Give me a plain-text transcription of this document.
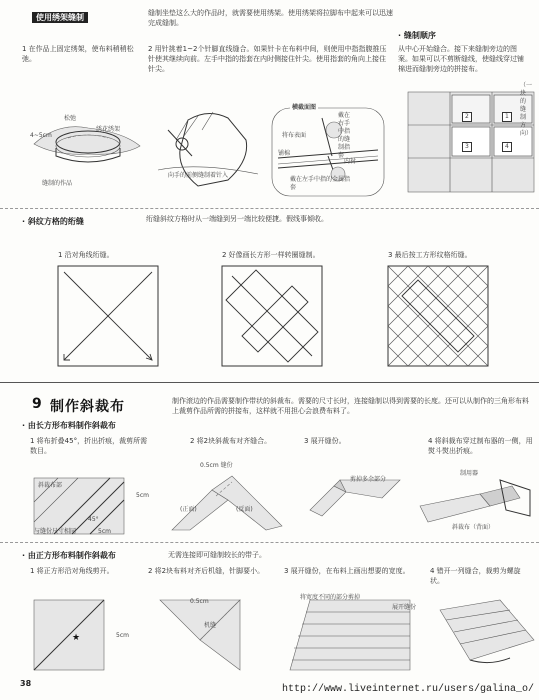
使用绣架缝制	缝制坐垫这么大的作品时，就需要使用绣架。使用绣架将拉脚布中起来可以迅速完成缝制。
1 在作品上固定绣架，使布料稍稍松弛。
2 用针挑着1~2个针脚直线缝合。如果针卡在布料中间，则使用中指指腹推压针使其继续向前。左手中指的指套在内时侧接住针尖。使用指套的角向上接住针尖。
松弛
绣花绣架
4~5cm
缝制的作品
向手的前侧缝制着针入
横截面图
戴在右手中指的缝制指套
将布表面
铺棉
内衬
戴在左手中指的金属指套
· 缝制顺序
从中心开始缝合。接下来缝制旁边的图案。如果可以不剪断缝线，使缝线穿过铺棉进而缝制旁边的拼接布。
2	1
3	4
（一块的缝制方向）
· 斜纹方格的绗缝	绗缝斜纹方格时从一端缝到另一端比较便捷。假线事倾收。
1 沿对角线绗缝。	2 好像画长方形一样转圈缝制。	3 最后按工方形纹格绗缝。
9 制作斜裁布	制作滚边的作品需要制作带状的斜裁布。需要的尺寸长时，连接缝制以得到需要的长度。还可以从制作的三角形布料上裁剪作品所需的拼接布，这样就不用担心会浪费布料了。
· 由长方形布料制作斜裁布
1 将布折叠45°，折出折痕，裁剪所需数目。
2 将2块斜裁布对齐缝合。	3 展开缝份。	4 将斜裁布穿过制布器的一侧，用熨斗熨出折痕。
斜裁布部
45°
5cm
与缝份尺寸相同	5cm
0.5cm 缝份
(正面)	(反面)
剪掉多余部分
制用器
斜裁布（背面）
· 由正方形布料制作斜裁布	无需连接即可缝制较长的带子。
1 将正方形沿对角线剪开。	2 将2块布料对齐后机缝，针脚要小。	3 展开缝份，在布料上画出想要的宽度。	4 错开一列缝合，裁剪为螺旋状。
★	5cm
0.5cm
机缝
将宽度不同的部分剪掉
展开缝份
38
http://www.liveinternet.ru/users/galina_o/
